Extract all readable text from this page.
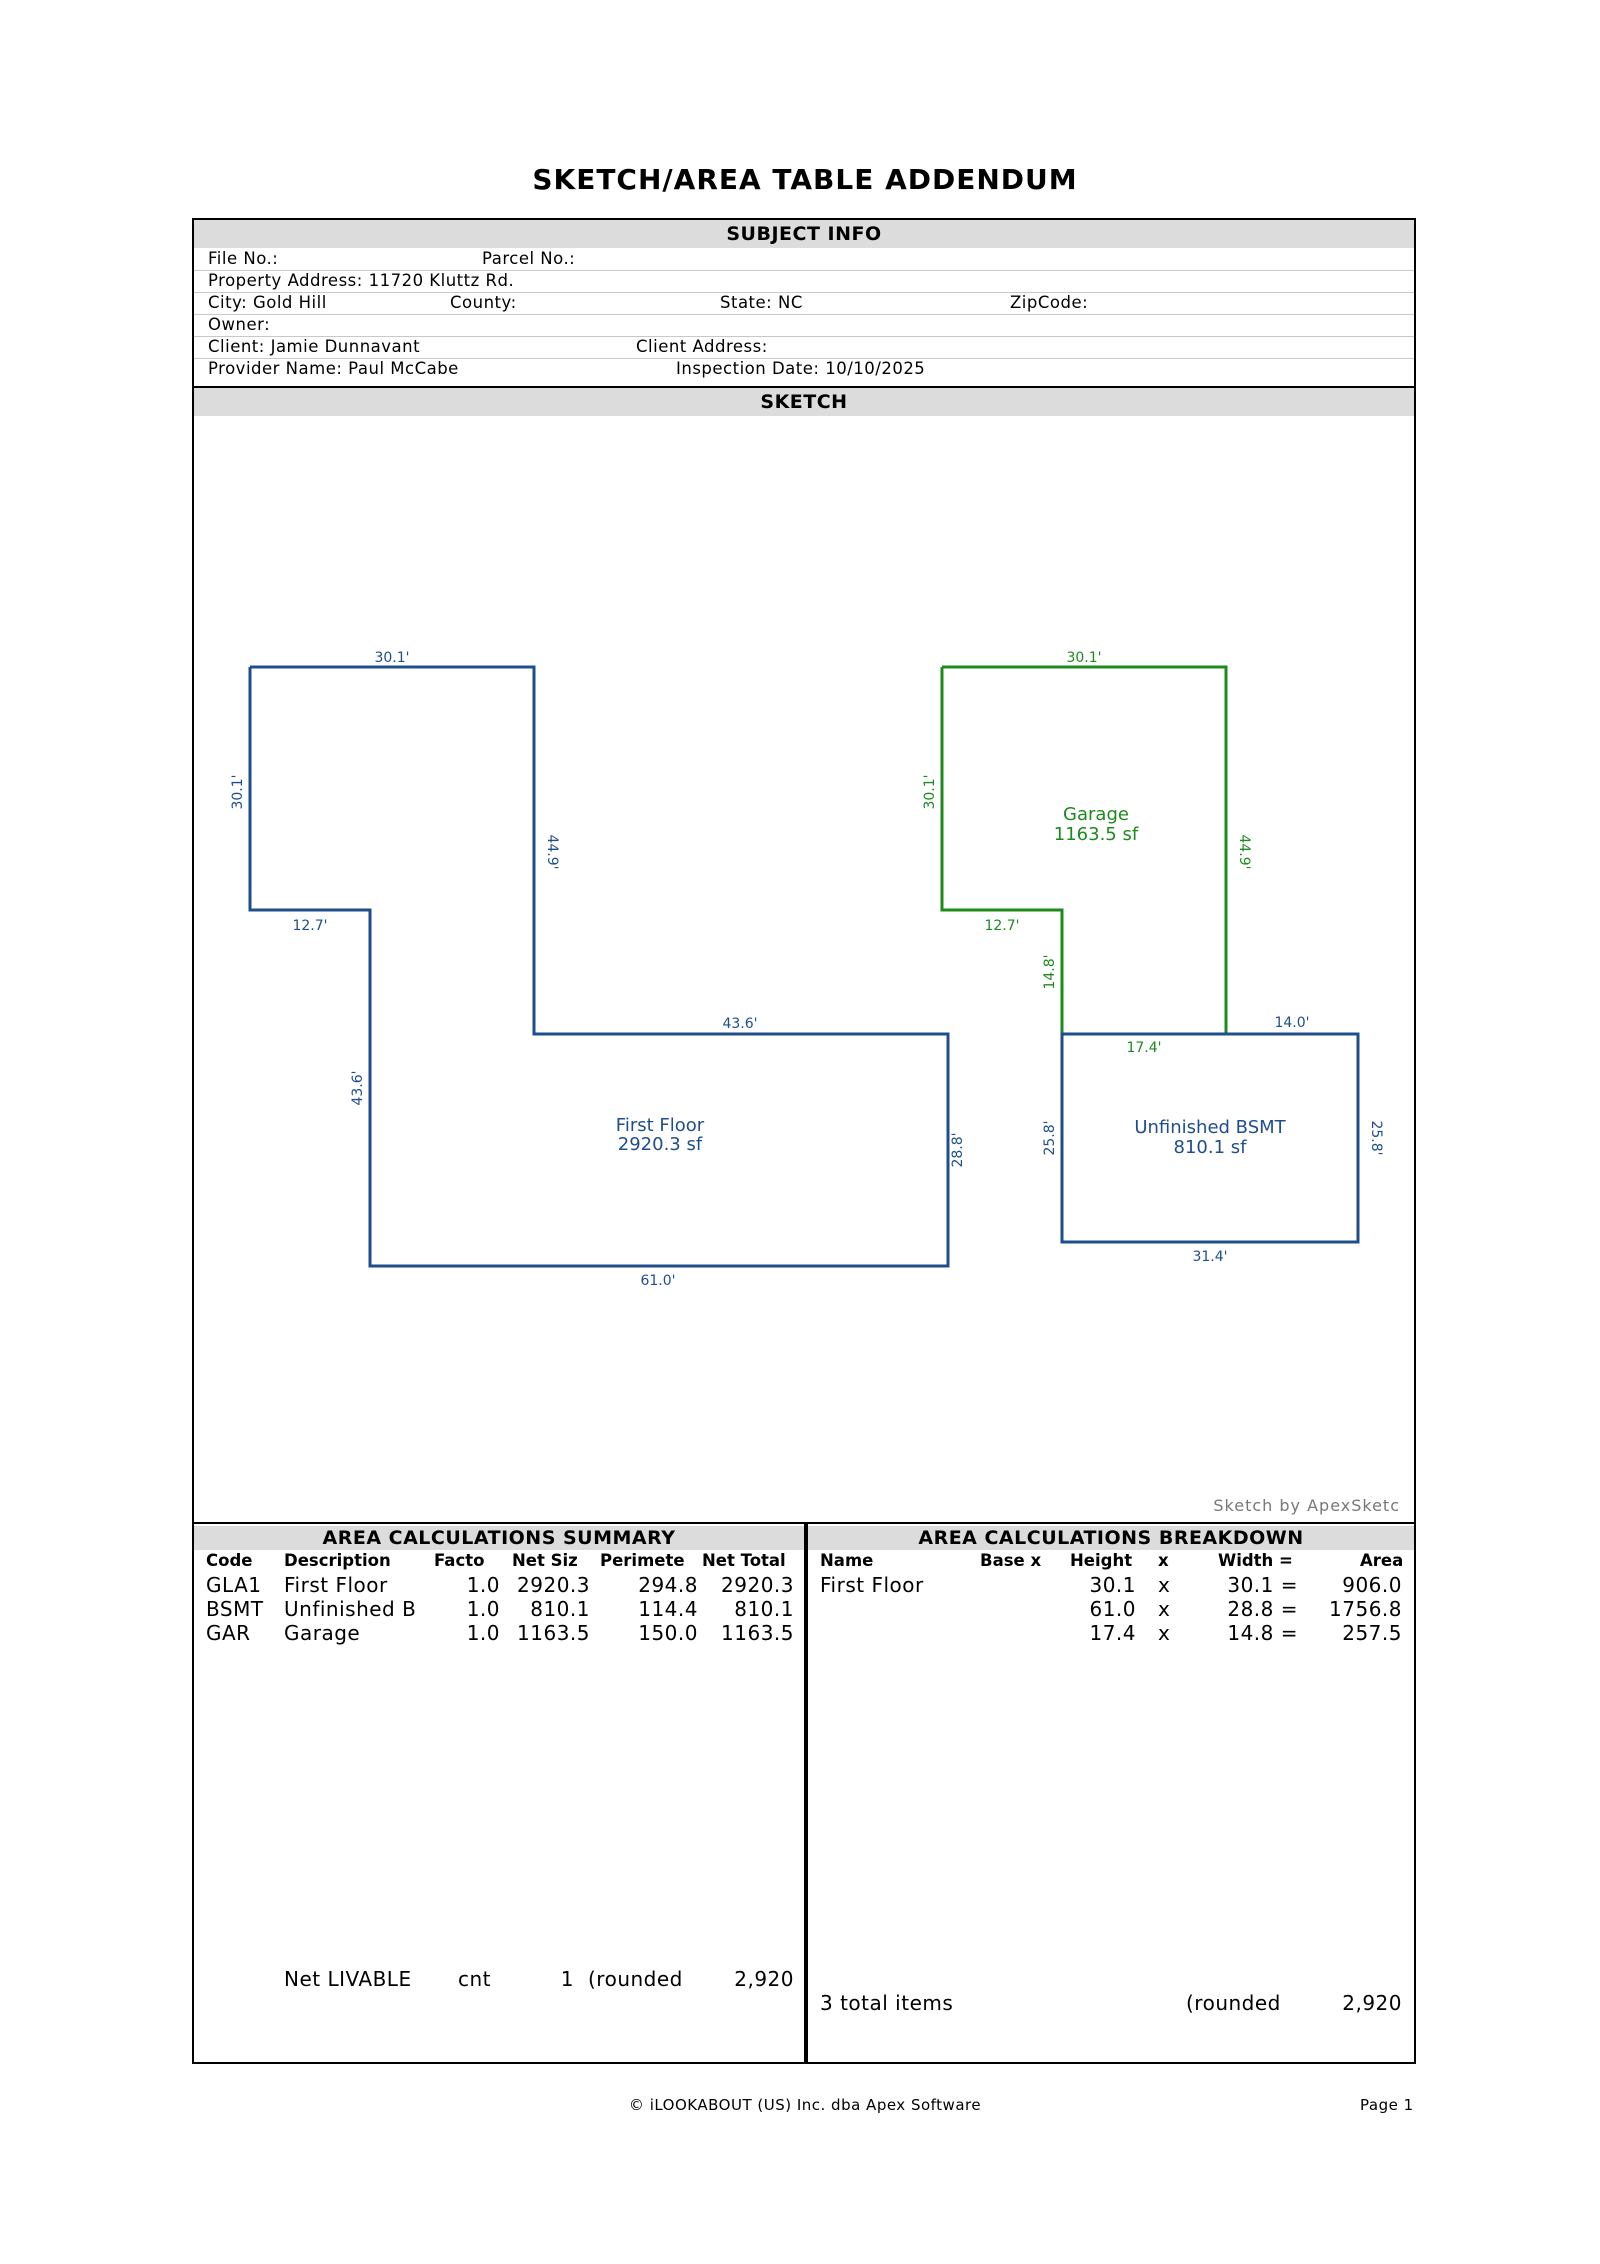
SKETCH/AREA TABLE ADDENDUM
SUBJECT INFO
File No.:	Parcel No.:
Property Address: 11720 Kluttz Rd.
City: Gold Hill	County:	State: NC	ZipCode:
Owner:
Client: Jamie Dunnavant	Client Address:
Provider Name: Paul McCabe	Inspection Date: 10/10/2025
SKETCH
30.1'
30.1'
12.7'
43.6'
61.0'
28.8'
43.6'
44.9'
First Floor
2920.3 sf
30.1'
30.1'
12.7'
14.8'
17.4'
44.9'
Garage
1163.5 sf
14.0'
25.8'	25.8'
31.4'
Unfinished BSMT
810.1 sf
Sketch by ApexSketc
AREA CALCULATIONS SUMMARY
Code Description	Facto Net Siz Perimete Net Total
GLA1 First Floor	1.0 2920.3	294.8	2920.3
BSMT Unfinished B	1.0	810.1	114.4	810.1
GAR Garage	1.0 1163.5	150.0	1163.5
Net LIVABLE cnt	1 (rounded	2,920
AREA CALCULATIONS BREAKDOWN
Name	Base x Height x	Width =	Area
First Floor	30.1 x	30.1 =	906.0
61.0 x	28.8 =	1756.8
17.4 x	14.8 =	257.5
3 total items	(rounded	2,920
© iLOOKABOUT (US) Inc. dba Apex Software	Page 1
